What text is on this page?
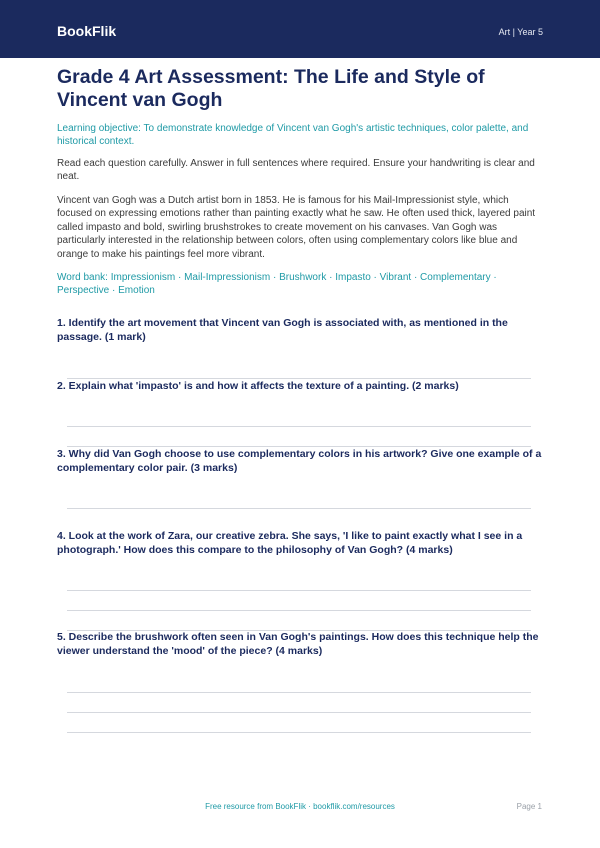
BookFlik	Art | Year 5
Grade 4 Art Assessment: The Life and Style of Vincent van Gogh

Learning objective: To demonstrate knowledge of Vincent van Gogh's artistic techniques, color palette, and historical context.

Read each question carefully. Answer in full sentences where required. Ensure your handwriting is clear and neat.

Vincent van Gogh was a Dutch artist born in 1853. He is famous for his Mail-Impressionist style, which focused on expressing emotions rather than painting exactly what he saw. He often used thick, layered paint called impasto and bold, swirling brushstrokes to create movement on his canvases. Van Gogh was particularly interested in the relationship between colors, often using complementary colors like blue and orange to make his paintings feel more vibrant.

Word bank: Impressionism · Mail-Impressionism · Brushwork · Impasto · Vibrant · Complementary · Perspective · Emotion

1. Identify the art movement that Vincent van Gogh is associated with, as mentioned in the passage. (1 mark)

2. Explain what 'impasto' is and how it affects the texture of a painting. (2 marks)

3. Why did Van Gogh choose to use complementary colors in his artwork? Give one example of a complementary color pair. (3 marks)

4. Look at the work of Zara, our creative zebra. She says, 'I like to paint exactly what I see in a photograph.' How does this compare to the philosophy of Van Gogh? (4 marks)

5. Describe the brushwork often seen in Van Gogh's paintings. How does this technique help the viewer understand the 'mood' of the piece? (4 marks)

Free resource from BookFlik · bookflik.com/resources	Page 1
